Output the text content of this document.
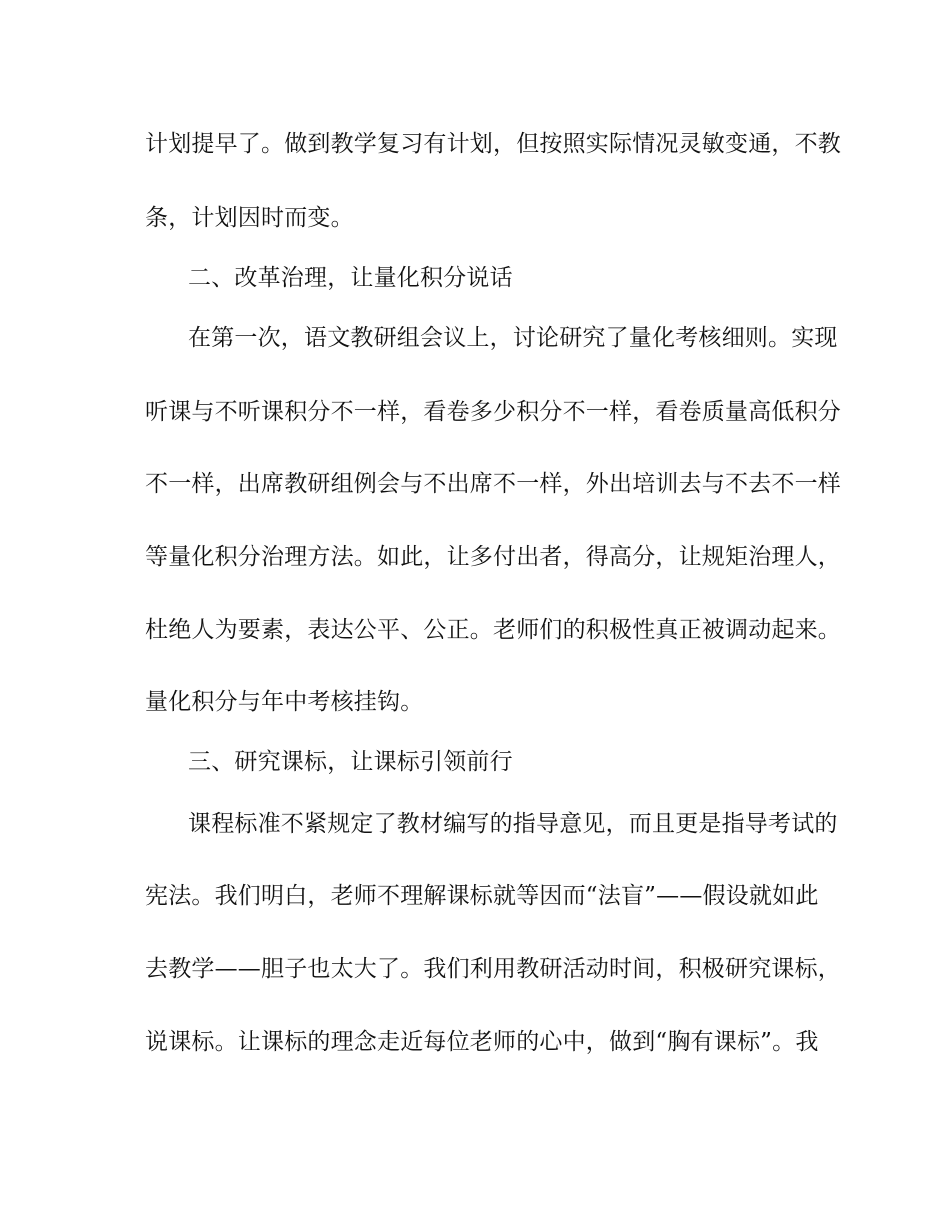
计划提早了。做到教学复习有计划，但按照实际情况灵敏变通，不教
条，计划因时而变。
二、改革治理，让量化积分说话
在第一次，语文教研组会议上，讨论研究了量化考核细则。实现
听课与不听课积分不一样，看卷多少积分不一样，看卷质量高低积分
不一样，出席教研组例会与不出席不一样，外出培训去与不去不一样
等量化积分治理方法。如此，让多付出者，得高分，让规矩治理人，
杜绝人为要素，表达公平、公正。老师们的积极性真正被调动起来。
量化积分与年中考核挂钩。
三、研究课标，让课标引领前行
课程标准不紧规定了教材编写的指导意见，而且更是指导考试的
宪法。我们明白，老师不理解课标就等因而“法盲”——假设就如此
去教学——胆子也太大了。我们利用教研活动时间，积极研究课标，
说课标。让课标的理念走近每位老师的心中，做到“胸有课标”。我
